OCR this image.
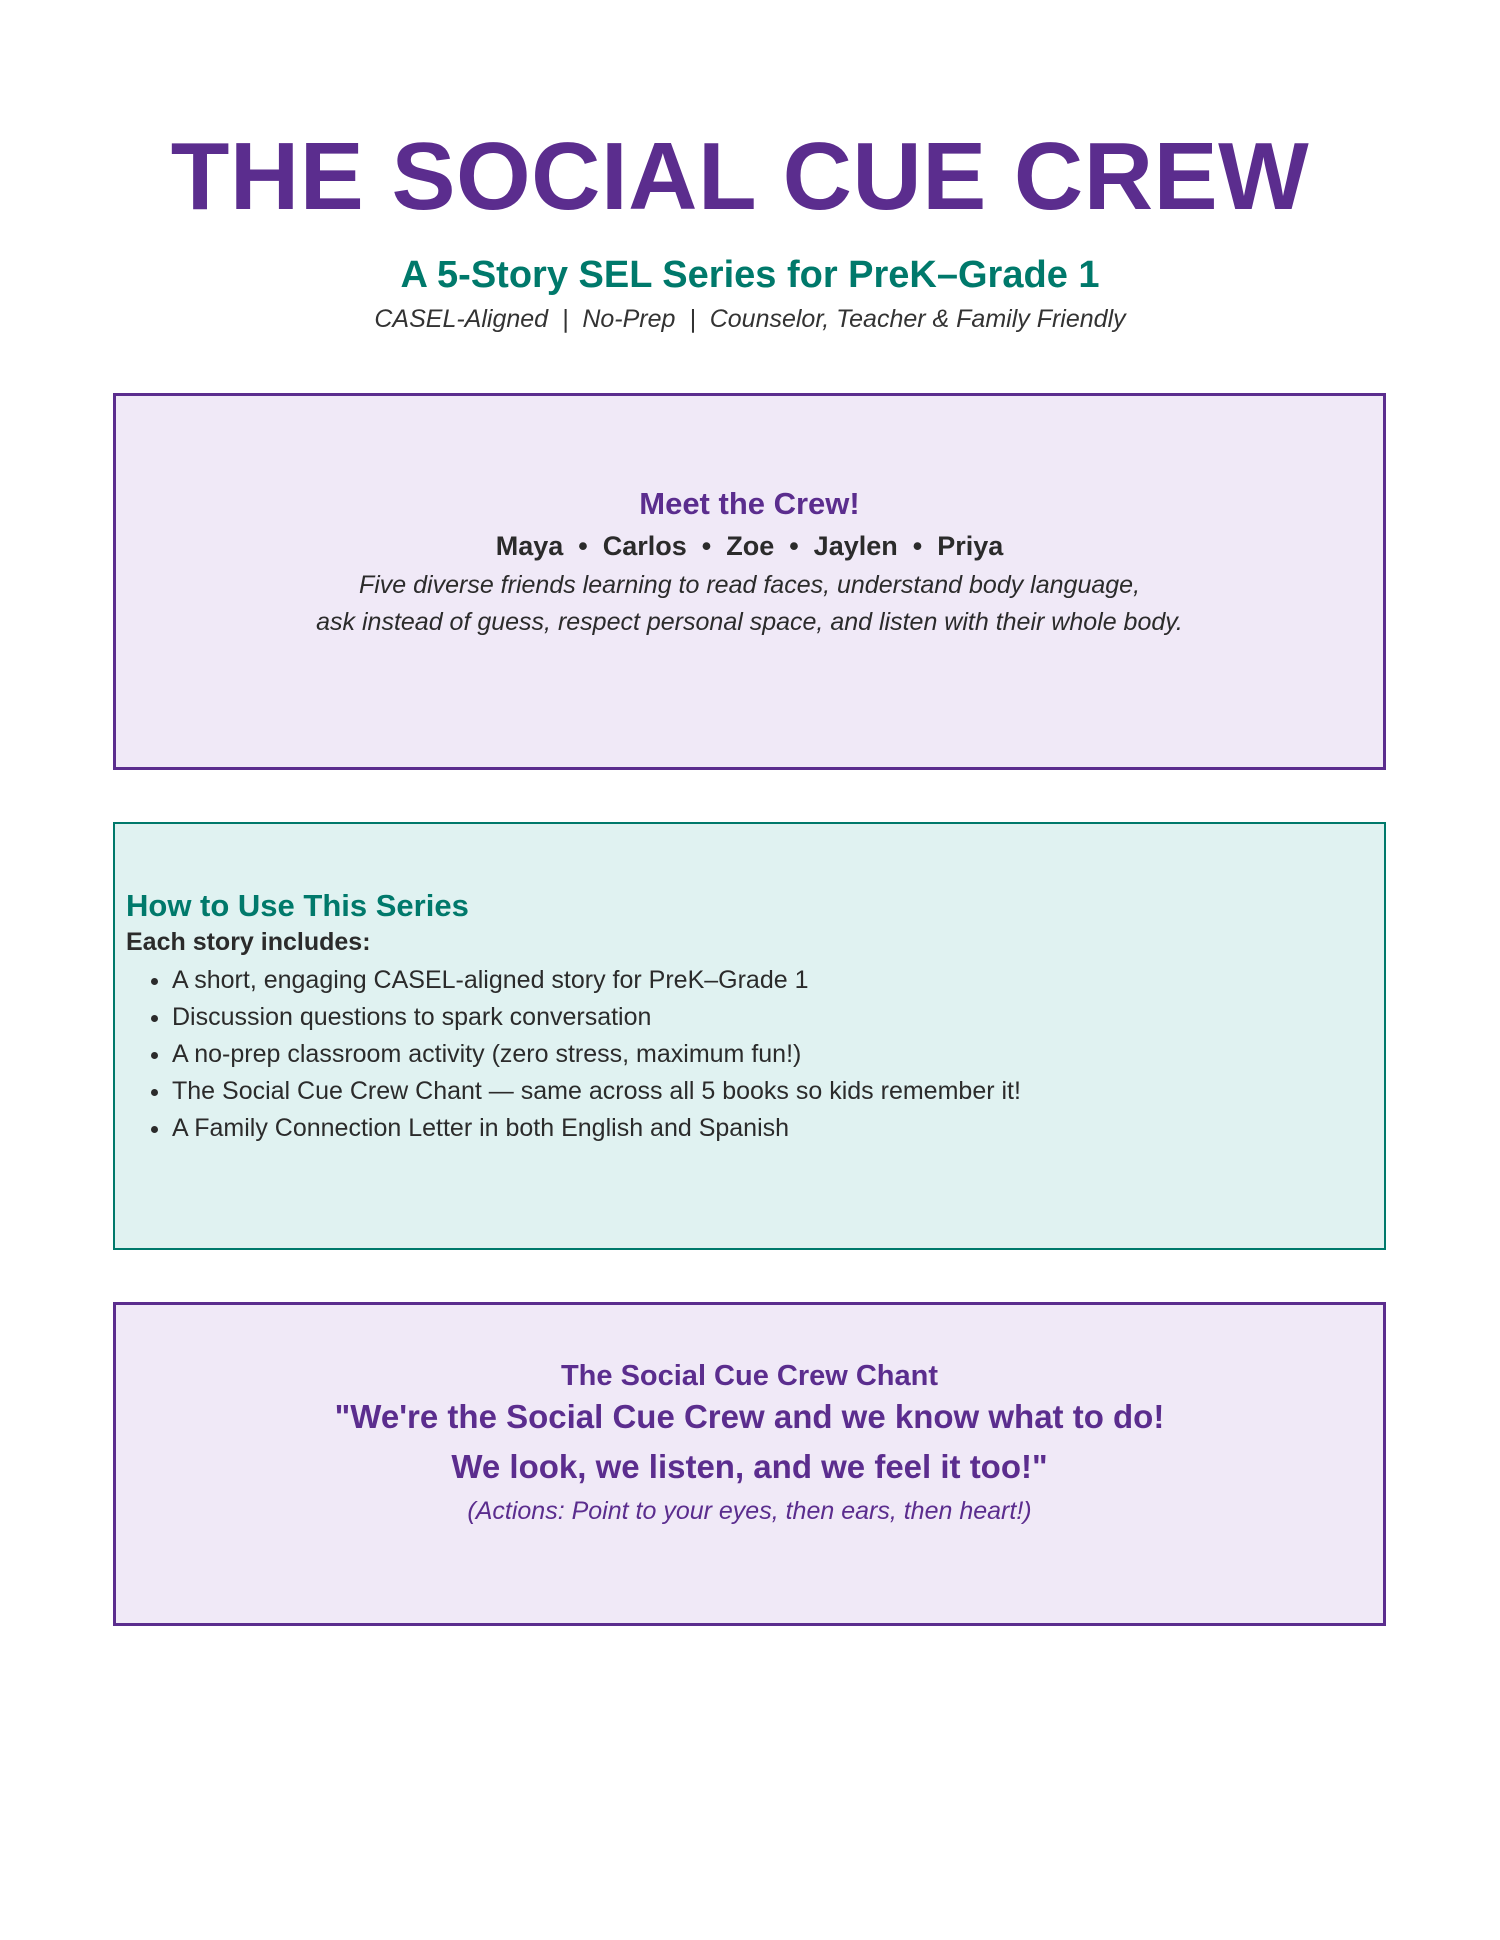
THE SOCIAL CUE CREW
A 5-Story SEL Series for PreK–Grade 1

CASEL-Aligned  |  No-Prep  |  Counselor, Teacher & Family Friendly

Meet the Crew!
Maya  •  Carlos  •  Zoe  •  Jaylen  •  Priya
Five diverse friends learning to read faces, understand body language,
ask instead of guess, respect personal space, and listen with their whole body.
How to Use This Series
Each story includes:
• A short, engaging CASEL-aligned story for PreK–Grade 1
• Discussion questions to spark conversation
• A no-prep classroom activity (zero stress, maximum fun!)
• The Social Cue Crew Chant — same across all 5 books so kids remember it!
• A Family Connection Letter in both English and Spanish
The Social Cue Crew Chant
"We're the Social Cue Crew and we know what to do!
We look, we listen, and we feel it too!"
(Actions: Point to your eyes, then ears, then heart!)
